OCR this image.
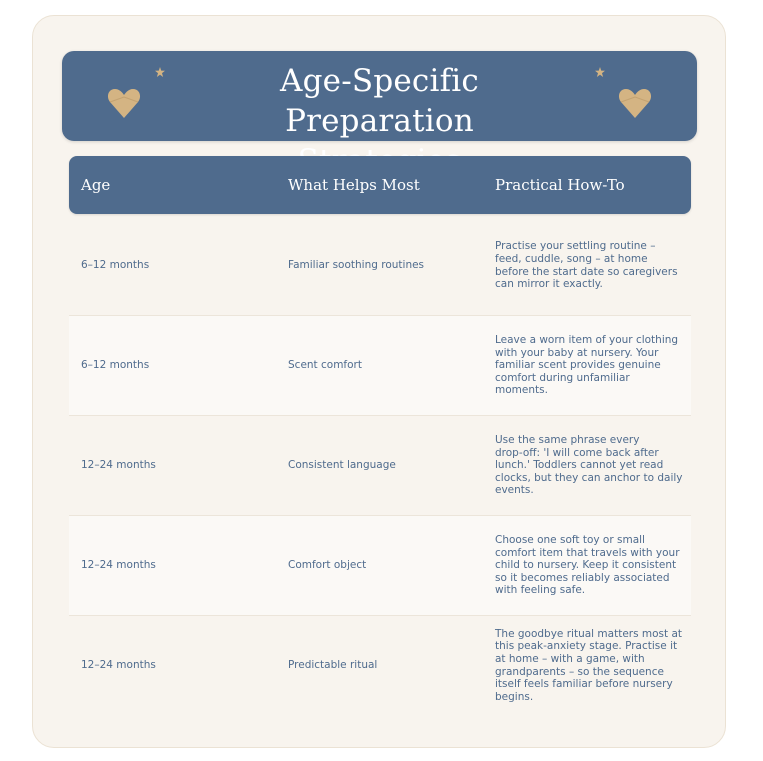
Age-Specific Preparation
Age	What Helps Most	Practical How-To
6–12 months	Familiar soothing routines
Practise your settling routine –
feed, cuddle, song – at home
before the start date so caregivers
can mirror it exactly.
6–12 months	Scent comfort
Leave a worn item of your clothing
with your baby at nursery. Your
familiar scent provides genuine
comfort during unfamiliar
moments.
12–24 months	Consistent language
Use the same phrase every
drop-off: 'I will come back after
lunch.' Toddlers cannot yet read
clocks, but they can anchor to daily
events.
12–24 months	Comfort object
Choose one soft toy or small
comfort item that travels with your
child to nursery. Keep it consistent
so it becomes reliably associated
with feeling safe.
12–24 months	Predictable ritual
The goodbye ritual matters most at
this peak-anxiety stage. Practise it
at home – with a game, with
grandparents – so the sequence
itself feels familiar before nursery
begins.
